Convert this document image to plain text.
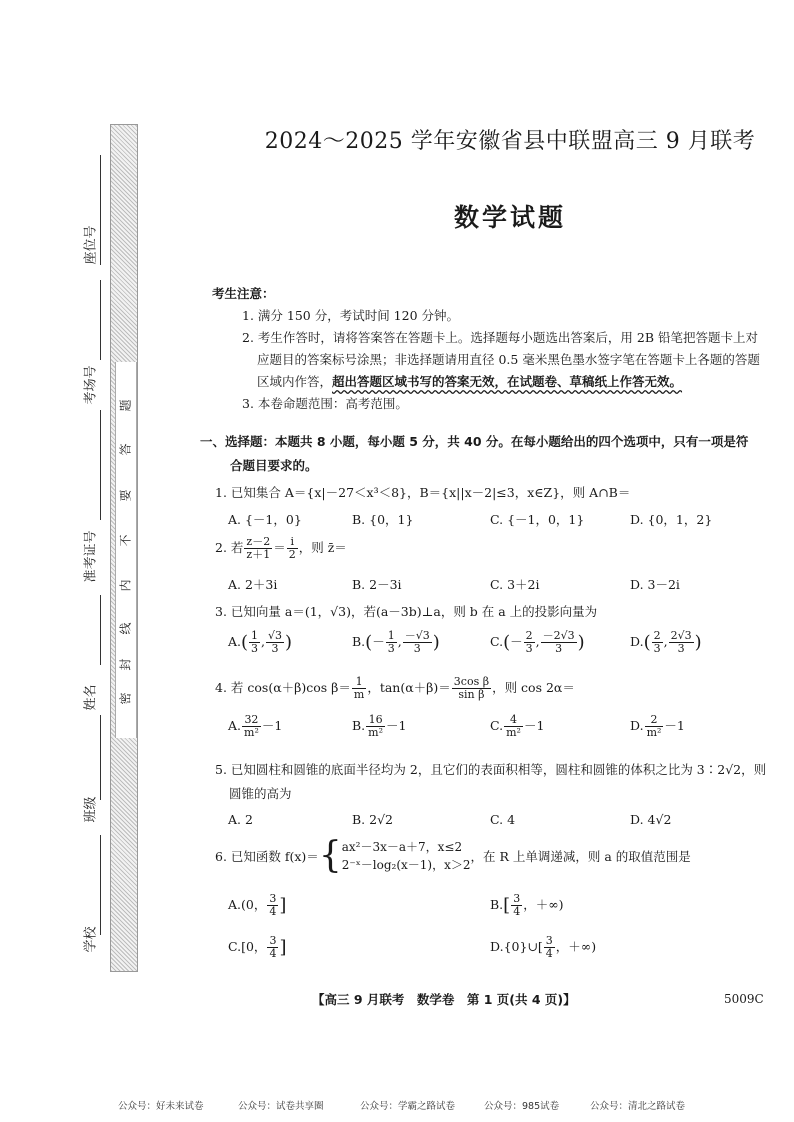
座位号
考场号
准考证号
姓名
班级
学校
题
答
要
不
内
线
封
密
2024～2025 学年安徽省县中联盟高三 9 月联考
数学试题
考生注意：
1. 满分 150 分，考试时间 120 分钟。
2. 考生作答时，请将答案答在答题卡上。选择题每小题选出答案后，用 2B 铅笔把答题卡上对
应题目的答案标号涂黑；非选择题请用直径 0.5 毫米黑色墨水签字笔在答题卡上各题的答题
区域内作答，超出答题区域书写的答案无效，在试题卷、草稿纸上作答无效。
3. 本卷命题范围：高考范围。
一、选择题：本题共 8 小题，每小题 5 分，共 40 分。在每小题给出的四个选项中，只有一项是符
合题目要求的。
1. 已知集合 A＝{x|－27＜x³＜8}，B＝{x||x－2|≤3，x∈Z}，则 A∩B＝
A. {－1，0}	B. {0，1}	C. {－1，0，1}	D. {0，1，2}
2. 若 $\frac{z-2}{z+1} = \frac{i}{2}$ ，则 z̄＝
A. 2＋3i	B. 2－3i	C. 3＋2i	D. 3－2i
3. 已知向量 a＝(1，√3)，若(a－3b)⊥a，则 b 在 a 上的投影向量为
$A.( \frac{1}{3}$ , $\frac{√3}{3}$ )	$B.(- \frac{1}{3}$ , $\frac{-√3}{3}$ )	$C.(- \frac{2}{3}$ , $\frac{-2√3}{3}$ )	$D.( \frac{2}{3}$ , $\frac{2√3}{3}$ )
4. 若 cos(α＋β)cos $\beta= \frac{1}{m}$ ，$\tan(\alpha+\beta)= \frac{\text{3cos β}}{\text{sin β}}$ ，则 cos 2α＝
A. $\frac{32}{\text{m²}} -1$	B. $\frac{16}{\text{m²}} -1$	C. $\frac{4}{\text{m²}} -1$	D. $\frac{2}{\text{m²}} -1$
5. 已知圆柱和圆锥的底面半径均为 2，且它们的表面积相等，圆柱和圆锥的体积之比为 3∶2√2，则
圆锥的高为
A. 2	B. 2√2	C. 4	D. 4√2
6. 已知函数 f(x)＝{ ax²－3x－a＋7，x≤2
2⁻ˣ－log₂(x－1)，x＞2
，在 R 上单调递减，则 a 的取值范围是
A.(0， $\frac{3}{4}$ ]	$B.[ \frac{3}{4}$ ，＋∞)
C.[0， $\frac{3}{4}$ ]	D.{0}∪[ $\frac{3}{4}$ ，＋∞)
【高三 9 月联考　数学卷　第 1 页(共 4 页)】	5009C
公众号：好未来试卷	公众号：试卷共享圈	公众号：学霸之路试卷	公众号：985试卷	公众号：清北之路试卷
